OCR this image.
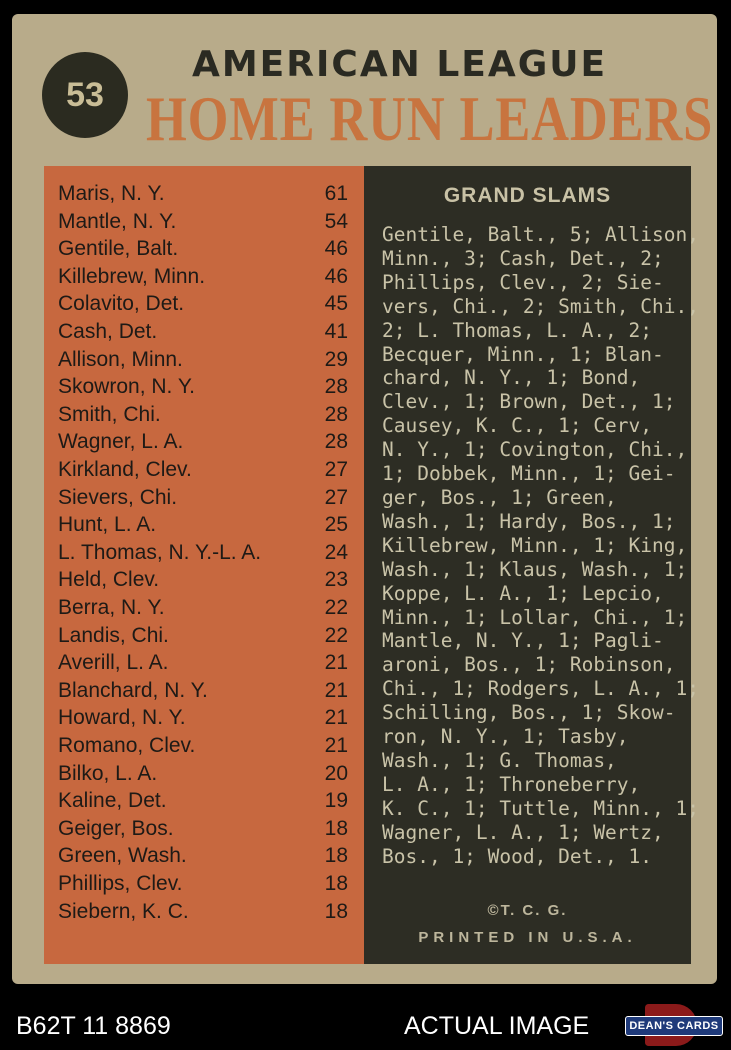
53
AMERICAN LEAGUE
HOME RUN LEADERS
Maris, N. Y.	61
Mantle, N. Y.	54
Gentile, Balt.	46
Killebrew, Minn.	46
Colavito, Det.	45
Cash, Det.	41
Allison, Minn.	29
Skowron, N. Y.	28
Smith, Chi.	28
Wagner, L. A.	28
Kirkland, Clev.	27
Sievers, Chi.	27
Hunt, L. A.	25
L. Thomas, N. Y.-L. A.	24
Held, Clev.	23
Berra, N. Y.	22
Landis, Chi.	22
Averill, L. A.	21
Blanchard, N. Y.	21
Howard, N. Y.	21
Romano, Clev.	21
Bilko, L. A.	20
Kaline, Det.	19
Geiger, Bos.	18
Green, Wash.	18
Phillips, Clev.	18
Siebern, K. C.	18
GRAND SLAMS
Gentile, Balt., 5; Allison,
Minn., 3; Cash, Det., 2;
Phillips, Clev., 2; Sie-
vers, Chi., 2; Smith, Chi.,
2; L. Thomas, L. A., 2;
Becquer, Minn., 1; Blan-
chard, N. Y., 1; Bond,
Clev., 1; Brown, Det., 1;
Causey, K. C., 1; Cerv,
N. Y., 1; Covington, Chi.,
1; Dobbek, Minn., 1; Gei-
ger, Bos., 1; Green,
Wash., 1; Hardy, Bos., 1;
Killebrew, Minn., 1; King,
Wash., 1; Klaus, Wash., 1;
Koppe, L. A., 1; Lepcio,
Minn., 1; Lollar, Chi., 1;
Mantle, N. Y., 1; Pagli-
aroni, Bos., 1; Robinson,
Chi., 1; Rodgers, L. A., 1;
Schilling, Bos., 1; Skow-
ron, N. Y., 1; Tasby,
Wash., 1; G. Thomas,
L. A., 1; Throneberry,
K. C., 1; Tuttle, Minn., 1;
Wagner, L. A., 1; Wertz,
Bos., 1; Wood, Det., 1.
©T. C. G.
PRINTED IN U.S.A.
B62T 11 8869	ACTUAL IMAGE	DEAN'S CARDS
